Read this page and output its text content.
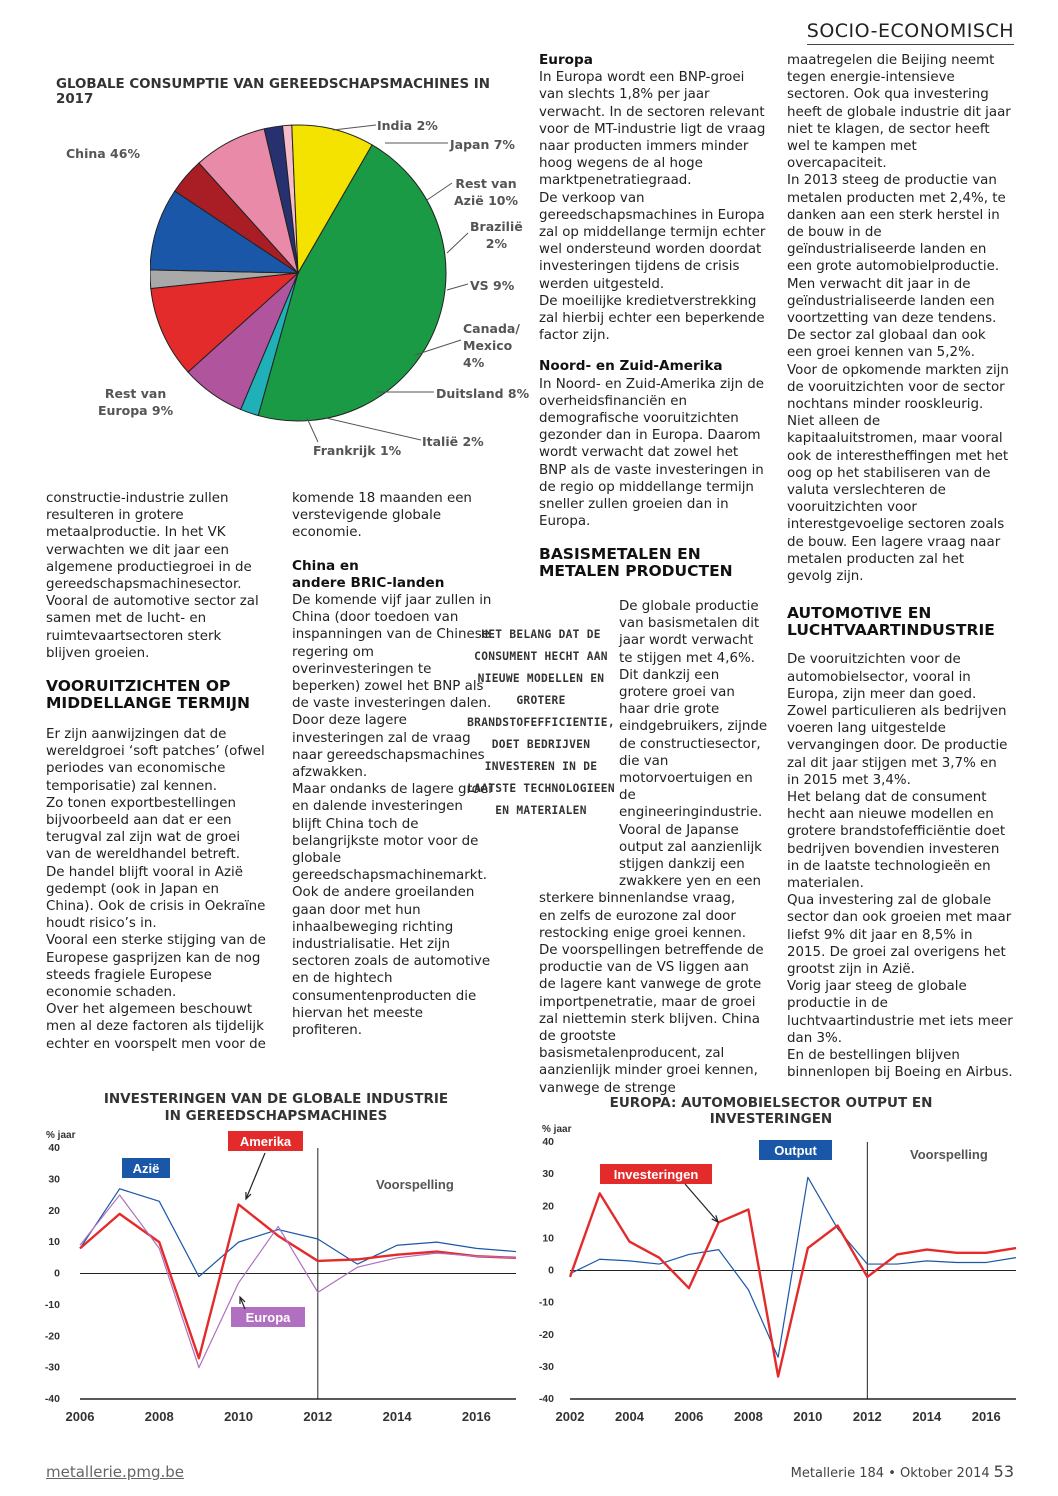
SOCIO-ECONOMISCH
GLOBALE CONSUMPTIE VAN GEREEDSCHAPSMACHINES IN 2017
China 46%
India 2%
Japan 7%
Rest van
Azië 10%
Brazilië
2%
VS 9%
Canada/
Mexico
4%
Duitsland 8%
Italië 2%
Frankrijk 1%
Rest van
Europa 9%

constructie-industrie zullen resulteren in grotere metaalproductie. In het VK verwachten we dit jaar een algemene productiegroei in de gereedschapsmachinesector. Vooral de automotive sector zal samen met de lucht- en ruimtevaartsectoren sterk blijven groeien.

VOORUITZICHTEN OP MIDDELLANGE TERMIJN

Er zijn aanwijzingen dat de wereldgroei ‘soft patches’ (ofwel periodes van economische temporisatie) zal kennen.

Zo tonen exportbestellingen bijvoorbeeld aan dat er een terugval zal zijn wat de groei van de wereldhandel betreft.

De handel blijft vooral in Azië gedempt (ook in Japan en China). Ook de crisis in Oekraïne houdt risico’s in.

Vooral een sterke stijging van de Europese gasprijzen kan de nog steeds fragiele Europese economie schaden.

Over het algemeen beschouwt men al deze factoren als tijdelijk echter en voorspelt men voor de

komende 18 maanden een verstevigende globale economie.

China en
andere BRIC-landen

De komende vijf jaar zullen in China (door toedoen van inspanningen van de Chinese regering om overinvesteringen te beperken) zowel het BNP als de vaste investeringen dalen.

Door deze lagere investeringen zal de vraag naar gereedschapsmachines afzwakken.

Maar ondanks de lagere groei en dalende investeringen blijft China toch de belangrijkste motor voor de globale gereedschapsmachinemarkt.

Ook de andere groeilanden gaan door met hun inhaalbeweging richting industrialisatie. Het zijn sectoren zoals de automotive en de hightech consumentenproducten die hiervan het meeste profiteren.

Europa

In Europa wordt een BNP-groei van slechts 1,8% per jaar verwacht. In de sectoren relevant voor de MT-industrie ligt de vraag naar producten immers minder hoog wegens de al hoge marktpenetratiegraad.

De verkoop van gereedschapsmachines in Europa zal op middellange termijn echter wel ondersteund worden doordat investeringen tijdens de crisis werden uitgesteld.

De moeilijke kredietverstrekking zal hierbij echter een beperkende factor zijn.

Noord- en Zuid-Amerika

In Noord- en Zuid-Amerika zijn de overheidsfinanciën en demografische vooruitzichten gezonder dan in Europa. Daarom wordt verwacht dat zowel het BNP als de vaste investeringen in de regio op middellange termijn sneller zullen groeien dan in Europa.

BASISMETALEN EN METALEN PRODUCTEN

De globale productie van basismetalen dit jaar wordt verwacht te stijgen met 4,6%. Dit dankzij een grotere groei van haar drie grote eindgebruikers, zijnde de constructiesector, die van motorvoertuigen en de engineeringindustrie. Vooral de Japanse output zal aanzienlijk stijgen dankzij een zwakkere yen en een sterkere binnenlandse vraag,

en zelfs de eurozone zal door restocking enige groei kennen.

De voorspellingen betreffende de productie van de VS liggen aan de lagere kant vanwege de grote importpenetratie, maar de groei zal niettemin sterk blijven. China de grootste basismetalenproducent, zal aanzienlijk minder groei kennen, vanwege de strenge

HET BELANG DAT DE CONSUMENT HECHT AAN NIEUWE MODELLEN EN GROTERE BRANDSTOFEFFICIENTIE, DOET BEDRIJVEN INVESTEREN IN DE LAATSTE TECHNOLOGIEEN EN MATERIALEN

maatregelen die Beijing neemt tegen energie-intensieve sectoren. Ook qua investering heeft de globale industrie dit jaar niet te klagen, de sector heeft wel te kampen met overcapaciteit.

In 2013 steeg de productie van metalen producten met 2,4%, te danken aan een sterk herstel in de bouw in de geïndustrialiseerde landen en een grote automobielproductie.

Men verwacht dit jaar in de geïndustrialiseerde landen een voortzetting van deze tendens. De sector zal globaal dan ook een groei kennen van 5,2%.

Voor de opkomende markten zijn de vooruitzichten voor de sector nochtans minder rooskleurig.

Niet alleen de kapitaaluitstromen, maar vooral ook de interestheffingen met het oog op het stabiliseren van de valuta verslechteren de vooruitzichten voor interestgevoelige sectoren zoals de bouw. Een lagere vraag naar metalen producten zal het gevolg zijn.

AUTOMOTIVE EN LUCHTVAARTINDUSTRIE

De vooruitzichten voor de automobielsector, vooral in Europa, zijn meer dan goed. Zowel particulieren als bedrijven voeren lang uitgestelde vervangingen door. De productie zal dit jaar stijgen met 3,7% en in 2015 met 3,4%.

Het belang dat de consument hecht aan nieuwe modellen en grotere brandstofefficiëntie doet bedrijven bovendien investeren in de laatste technologieën en materialen.

Qua investering zal de globale sector dan ook groeien met maar liefst 9% dit jaar en 8,5% in 2015. De groei zal overigens het grootst zijn in Azië.

Vorig jaar steeg de globale productie in de luchtvaartindustrie met iets meer dan 3%.

En de bestellingen blijven binnenlopen bij Boeing en Airbus.

INVESTERINGEN VAN DE GLOBALE INDUSTRIE IN GEREEDSCHAPSMACHINES
% jaar
40
30
20
10
0
-10
-20
-30
-40
Voorspelling
2006	2008	2010	2012	2014	2016
Azië
Amerika
Europa
EUROPA: AUTOMOBIELSECTOR OUTPUT EN INVESTERINGEN
% jaar
40
30
20
10
0
-10
-20
-30
-40
Voorspelling
2002 2004 2006 2008 2010 2012 2014 2016
Output
Investeringen
metallerie.pmg.be	Metallerie 184 • Oktober 2014 53
